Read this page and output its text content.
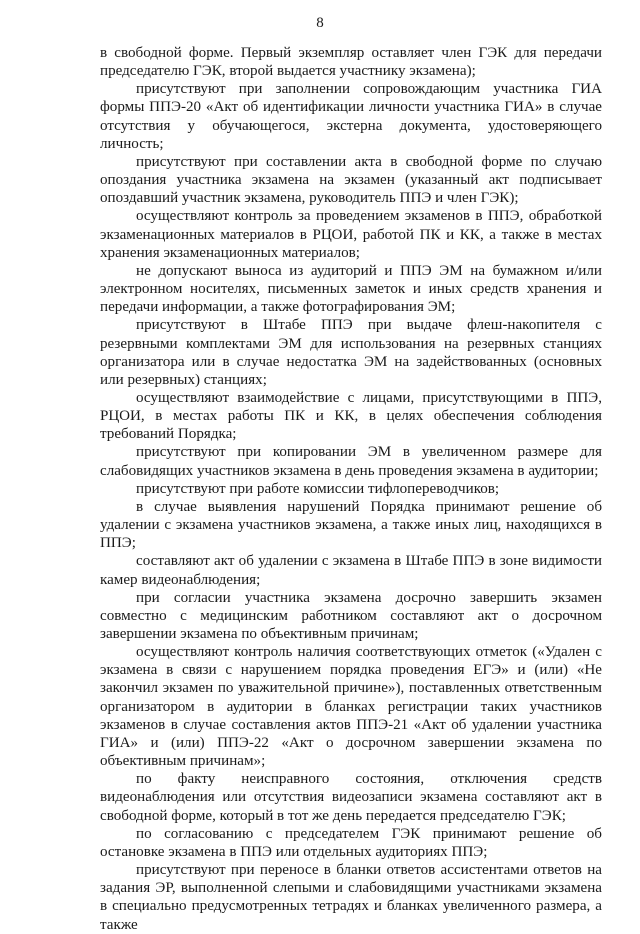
8

в свободной форме. Первый экземпляр оставляет член ГЭК для передачи председателю ГЭК, второй выдается участнику экзамена);

присутствуют при заполнении сопровождающим участника ГИА формы ППЭ-20 «Акт об идентификации личности участника ГИА» в случае отсутствия у обучающегося, экстерна документа, удостоверяющего личность;

присутствуют при составлении акта в свободной форме по случаю опоздания участника экзамена на экзамен (указанный акт подписывает опоздавший участник экзамена, руководитель ППЭ и член ГЭК);

осуществляют контроль за проведением экзаменов в ППЭ, обработкой экзаменационных материалов в РЦОИ, работой ПК и КК, а также в местах хранения экзаменационных материалов;

не допускают выноса из аудиторий и ППЭ ЭМ на бумажном и/или электронном носителях, письменных заметок и иных средств хранения и передачи информации, а также фотографирования ЭМ;

присутствуют в Штабе ППЭ при выдаче флеш-накопителя с резервными комплектами ЭМ для использования на резервных станциях организатора или в случае недостатка ЭМ на задействованных (основных или резервных) станциях;

осуществляют взаимодействие с лицами, присутствующими в ППЭ, РЦОИ, в местах работы ПК и КК, в целях обеспечения соблюдения требований Порядка;

присутствуют при копировании ЭМ в увеличенном размере для слабовидящих участников экзамена в день проведения экзамена в аудитории;

присутствуют при работе комиссии тифлопереводчиков;

в случае выявления нарушений Порядка принимают решение об удалении с экзамена участников экзамена, а также иных лиц, находящихся в ППЭ;

составляют акт об удалении с экзамена в Штабе ППЭ в зоне видимости камер видеонаблюдения;

при согласии участника экзамена досрочно завершить экзамен совместно с медицинским работником составляют акт о досрочном завершении экзамена по объективным причинам;

осуществляют контроль наличия соответствующих отметок («Удален с экзамена в связи с нарушением порядка проведения ЕГЭ» и (или) «Не закончил экзамен по уважительной причине»), поставленных ответственным организатором в аудитории в бланках регистрации таких участников экзаменов в случае составления актов ППЭ-21 «Акт об удалении участника ГИА» и (или) ППЭ-22 «Акт о досрочном завершении экзамена по объективным причинам»;

по факту неисправного состояния, отключения средств видеонаблюдения или отсутствия видеозаписи экзамена составляют акт в свободной форме, который в тот же день передается председателю ГЭК;

по согласованию с председателем ГЭК принимают решение об остановке экзамена в ППЭ или отдельных аудиториях ППЭ;

присутствуют при переносе в бланки ответов ассистентами ответов на задания ЭР, выполненной слепыми и слабовидящими участниками экзамена в специально предусмотренных тетрадях и бланках увеличенного размера, а также
